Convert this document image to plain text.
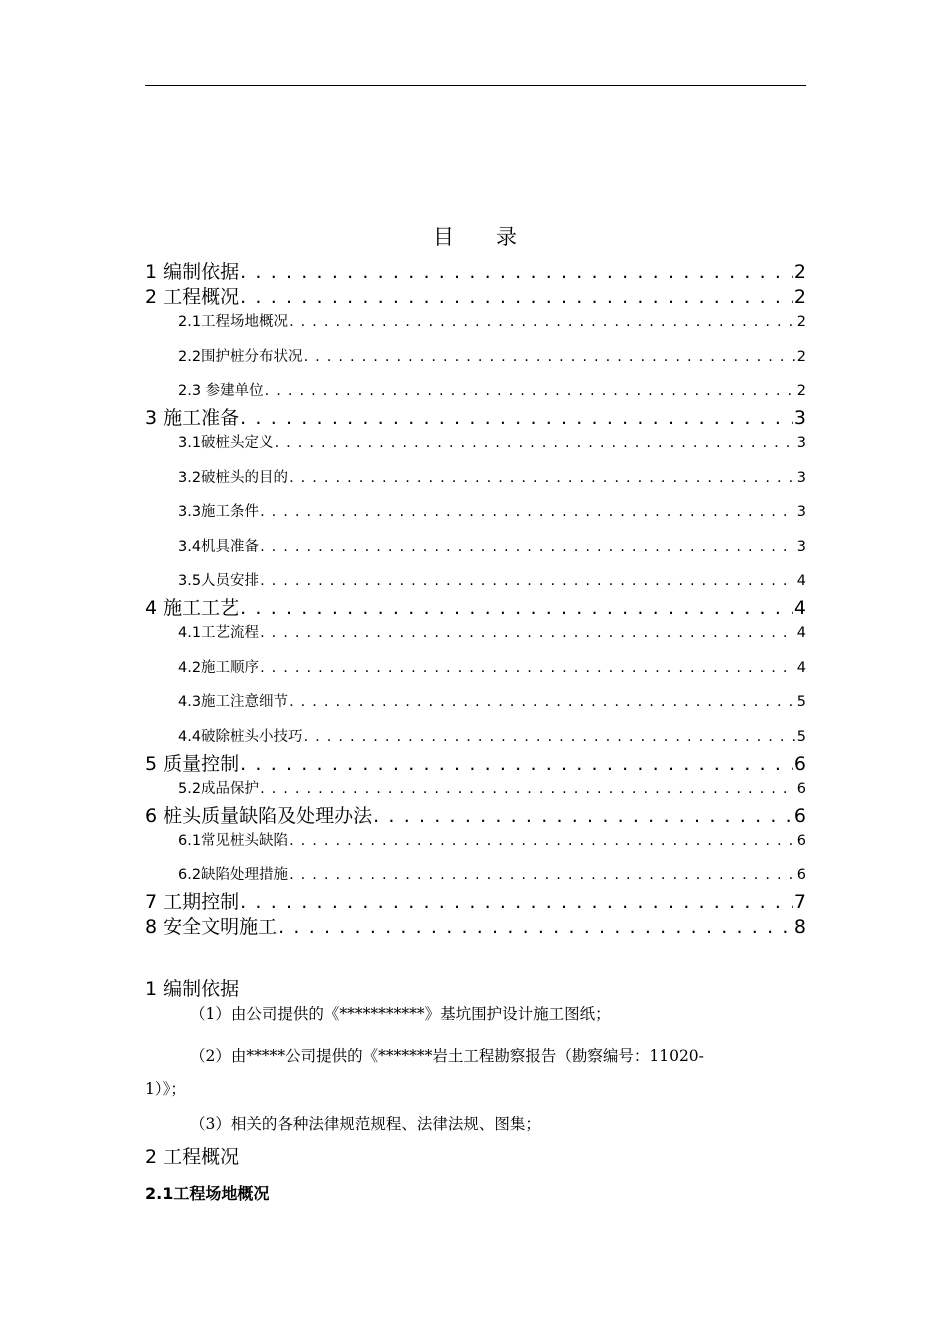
目 录
1 编制依据 . . .	2
2 工程概况 . . .	2
2.1工程场地概况 . . .	2
2.2围护桩分布状况 . . .	2
2.3 参建单位 . . .	2
3 施工准备 . . .	3
3.1破桩头定义 . . .	3
3.2破桩头的目的 . . .	3
3.3施工条件 . . .	3
3.4机具准备 . . .	3
3.5人员安排 . . .	4
4 施工工艺 . . .	4
4.1工艺流程 . . .	4
4.2施工顺序 . . .	4
4.3施工注意细节 . . .	5
4.4破除桩头小技巧 . . .	5
5 质量控制 . . .	6
5.2成品保护 . . .	6
6 桩头质量缺陷及处理办法 . . .	6
6.1常见桩头缺陷 . . .	6
6.2缺陷处理措施 . . .	6
7 工期控制 . . .	7
8 安全文明施工 . . .	8
1 编制依据
（1）由公司提供的《***********》基坑围护设计施工图纸；
（2）由*****公司提供的《*******岩土工程勘察报告（勘察编号：11020-
1）》；
（3）相关的各种法律规范规程、法律法规、图集；
2 工程概况
2.1工程场地概况
